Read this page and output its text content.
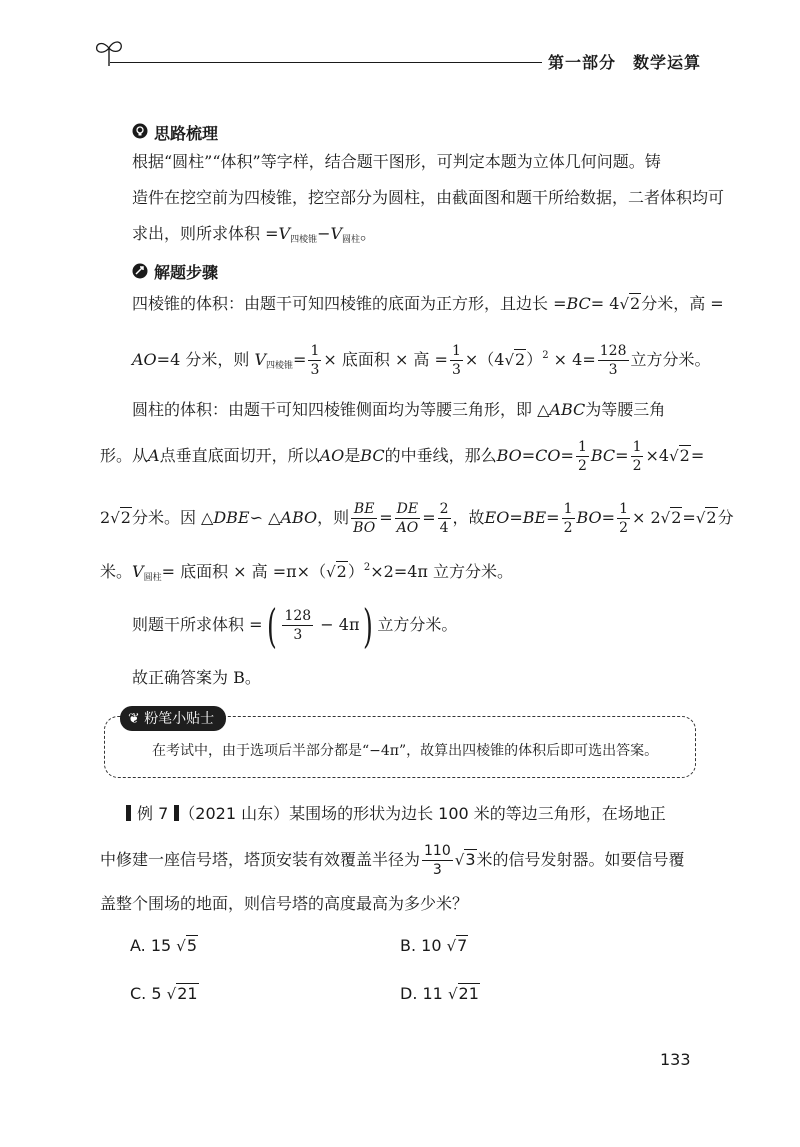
第一部分　数学运算
思路梳理
根据“圆柱”“体积”等字样，结合题干图形，可判定本题为立体几何问题。铸
造件在挖空前为四棱锥，挖空部分为圆柱，由截面图和题干所给数据，二者体积均可
求出，则所求体积 $=V_{四棱锥}-V_{圆柱}$。
解题步骤
四棱锥的体积：由题干可知四棱锥的底面为正方形，且边长 =BC= 4√2分米，高 =
AO=4 分米，则 $V_{四棱锥}= \frac{1}{3}$ × 底面积 × 高 = $\frac{1}{3} \times(4√2)^2 \times 4= \frac{128}{3}$ 立方分米。
圆柱的体积：由题干可知四棱锥侧面均为等腰三角形，即 △ABC为等腰三角
形。从A点垂直底面切开，所以AO是BC的中垂线，那么$BO=CO= \frac{1}{2} BC= \frac{1}{2} \times 4√2=$
2√2分米。因 △DBE∽ △ABO，则 $\frac{BE}{BO} = \frac{DE}{AO} = \frac{2}{4}$ ，故$EO=BE= \frac{1}{2} BO= \frac{1}{2} \times 2√2=√2$分
米。$V_{圆柱}=$ 底面积 × 高 $=\pi\times(√2)^2\times 2=4\pi$ 立方分米。
则题干所求体积 =( $\frac{128}{3} - 4\pi$) 立方分米。
故正确答案为 B。
❦ 粉笔小贴士
在考试中，由于选项后半部分都是“−4π”，故算出四棱锥的体积后即可选出答案。
例 7 （2021 山东）某围场的形状为边长 100 米的等边三角形，在场地正
中修建一座信号塔，塔顶安装有效覆盖半径为 $\frac{110}{3} √3$米的信号发射器。如要信号覆
盖整个围场的地面，则信号塔的高度最高为多少米？
A. 15 √5	B. 10 √7
C. 5 √21	D. 11 √21
133
